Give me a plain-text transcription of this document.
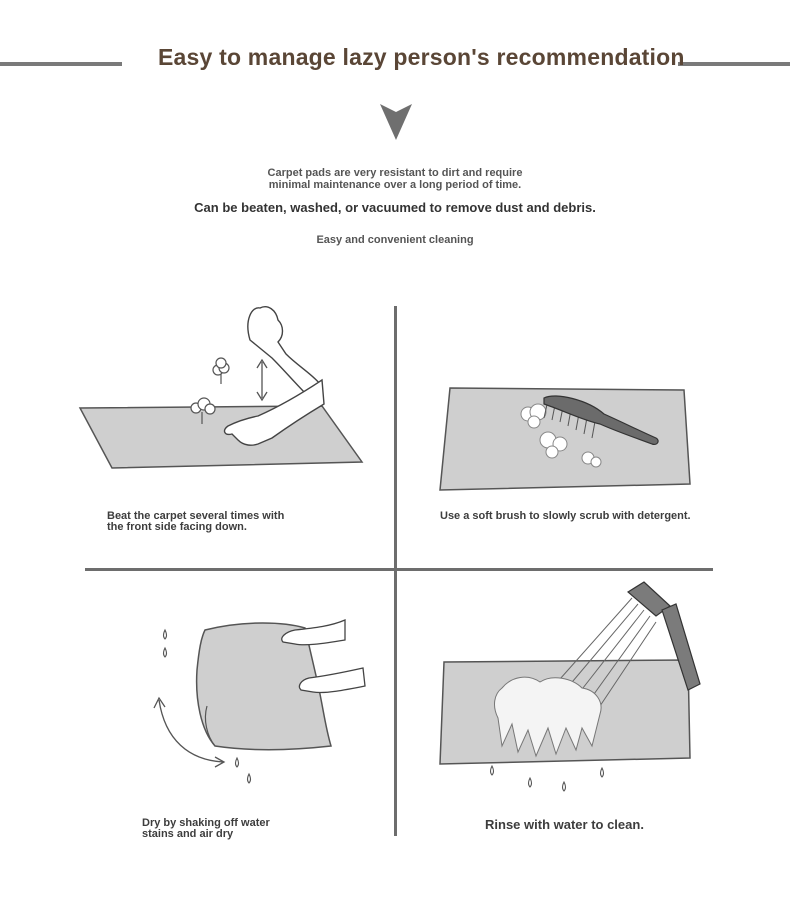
Easy to manage lazy person's recommendation
Carpet pads are very resistant to dirt and require
minimal maintenance over a long period of time.
Can be beaten, washed, or vacuumed to remove dust and debris.
Easy and convenient cleaning
Beat the carpet several times with
the front side facing down.
Use a soft brush to slowly scrub with detergent.
Dry by shaking off water
stains and air dry
Rinse with water to clean.
